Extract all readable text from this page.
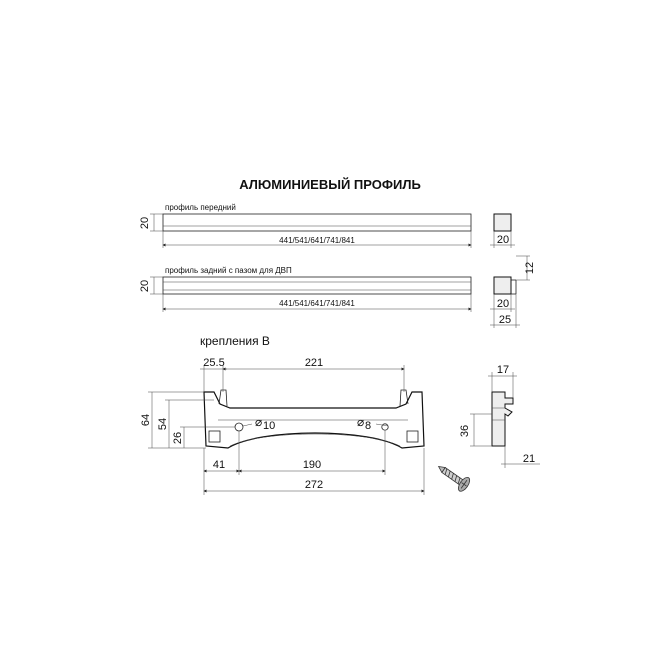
АЛЮМИНИЕВЫЙ ПРОФИЛЬ
профиль передний
20
441/541/641/741/841	20
профиль задний с пазом для ДВП
20
441/541/641/741/841
12
20
25
крепления В
⌀ 10	⌀ 8
25.5	221
64 54
26
41	190
272
17
36
21
